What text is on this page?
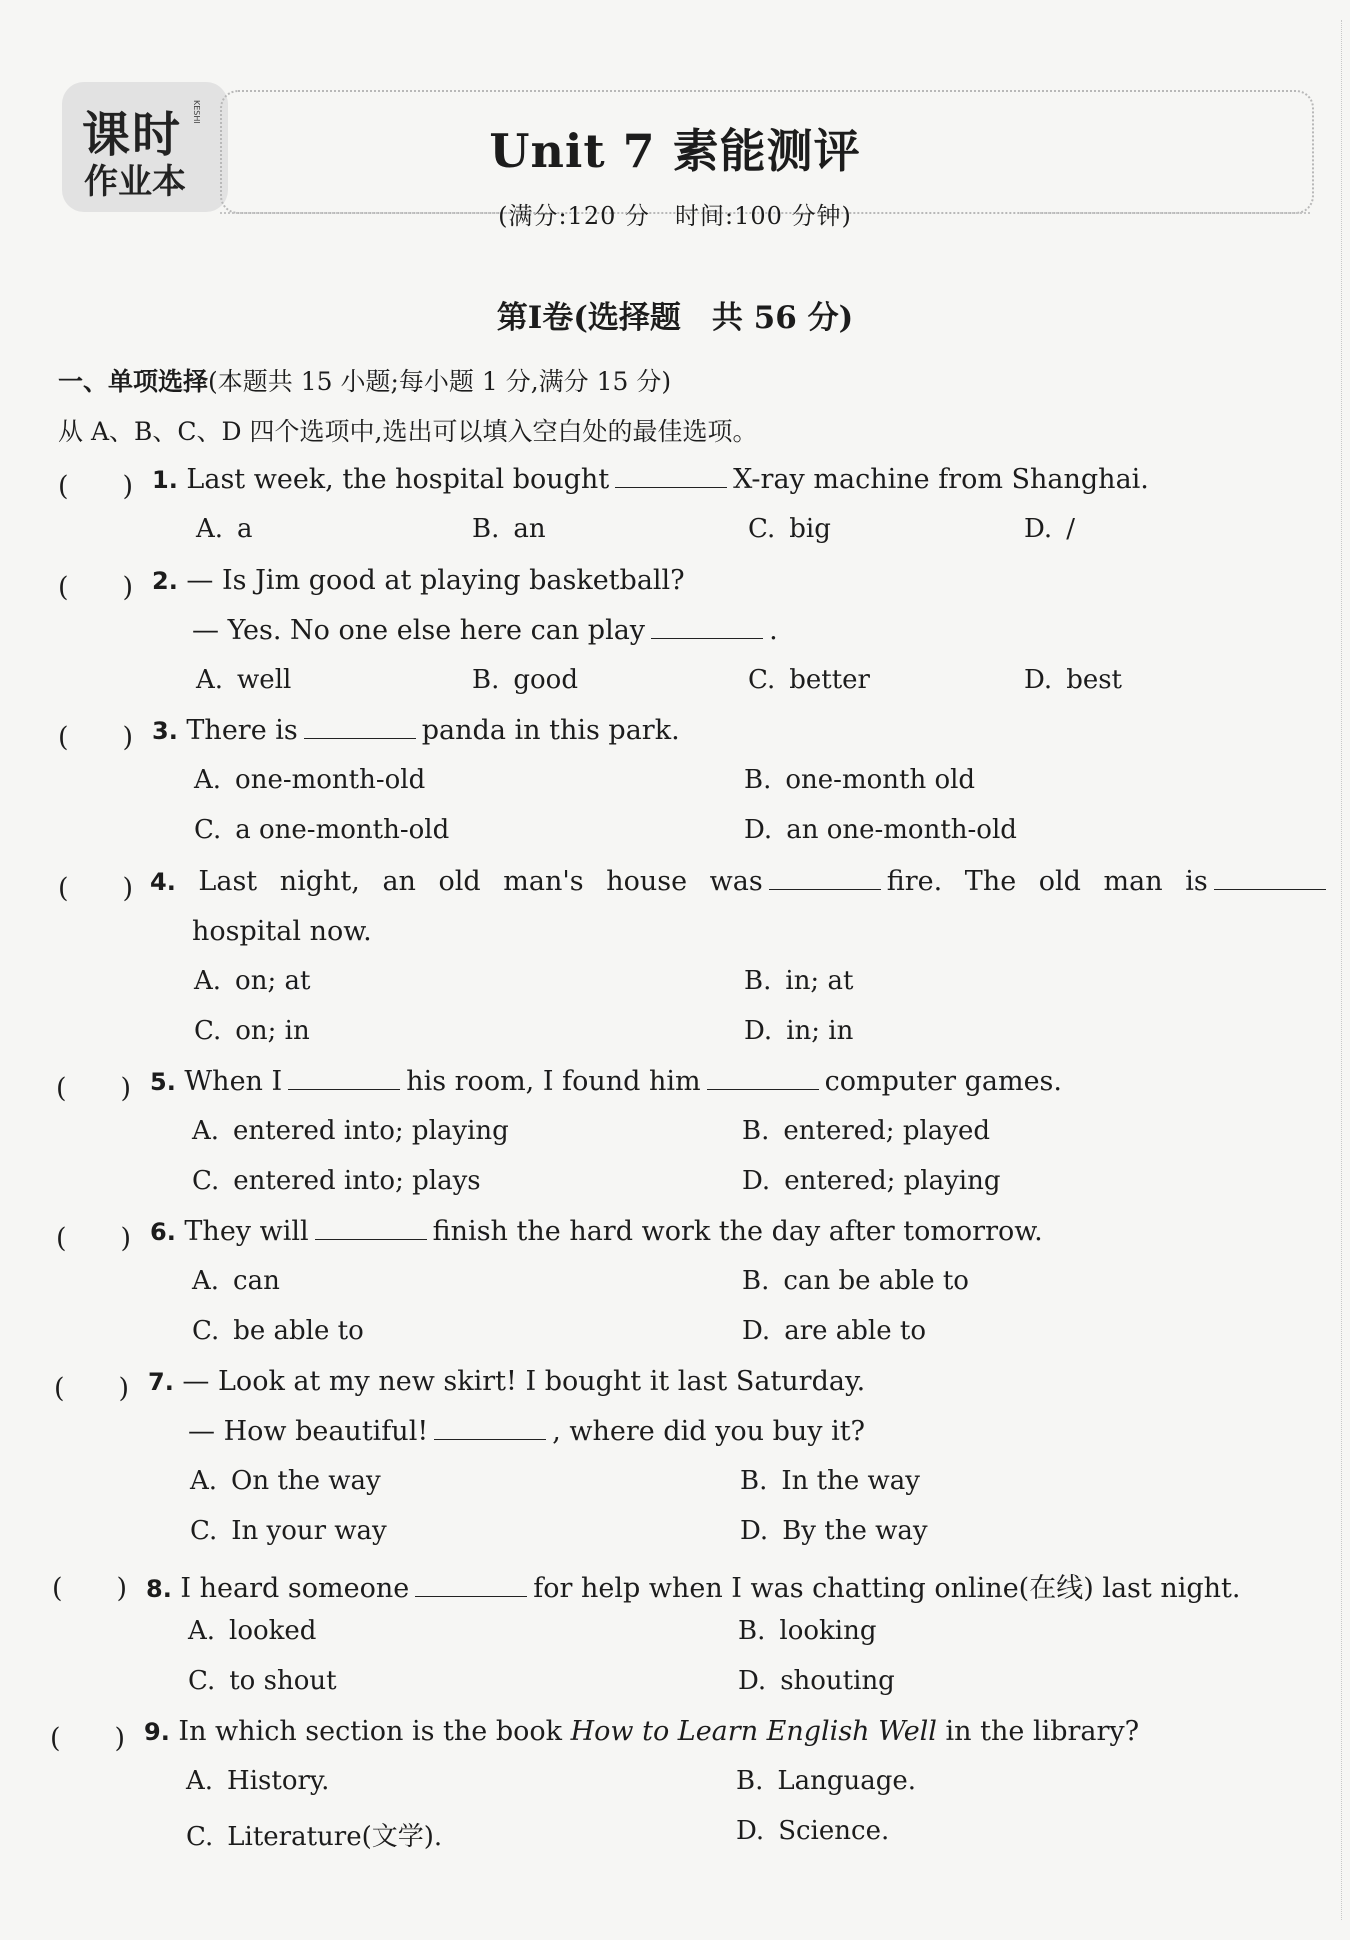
课时
作业本
KESHI
Unit 7 素能测评
(满分:120 分　时间:100 分钟)
第Ⅰ卷(选择题　共 56 分)
一、单项选择(本题共 15 小题;每小题 1 分,满分 15 分)
从 A、B、C、D 四个选项中,选出可以填入空白处的最佳选项。
(　　) 1. Last week, the hospital bought	X-ray machine from Shanghai.
A. a	B. an	C. big	D. /
(　　) 2. — Is Jim good at playing basketball?
— Yes. No one else here can play	.
A. well	B. good	C. better	D. best
(　　) 3. There is	panda in this park.
A. one-month-old	B. one-month old
C. a one-month-old	D. an one-month-old
(　　) 4. Last night, an old man's house was	fire. The old man is
hospital now.
A. on; at	B. in; at
C. on; in	D. in; in
(　　) 5. When I	his room, I found him	computer games.
A. entered into; playing	B. entered; played
C. entered into; plays	D. entered; playing
(　　) 6. They will	finish the hard work the day after tomorrow.
A. can	B. can be able to
C. be able to	D. are able to
(　　) 7. — Look at my new skirt! I bought it last Saturday.
— How beautiful!	, where did you buy it?
A. On the way	B. In the way
C. In your way	D. By the way
(　　) 8. I heard someone	for help when I was chatting online(在线) last night.
A. looked	B. looking
C. to shout	D. shouting
(　　) 9. In which section is the book How to Learn English Well in the library?
A. History.	B. Language.
C. Literature(文学).	D. Science.
